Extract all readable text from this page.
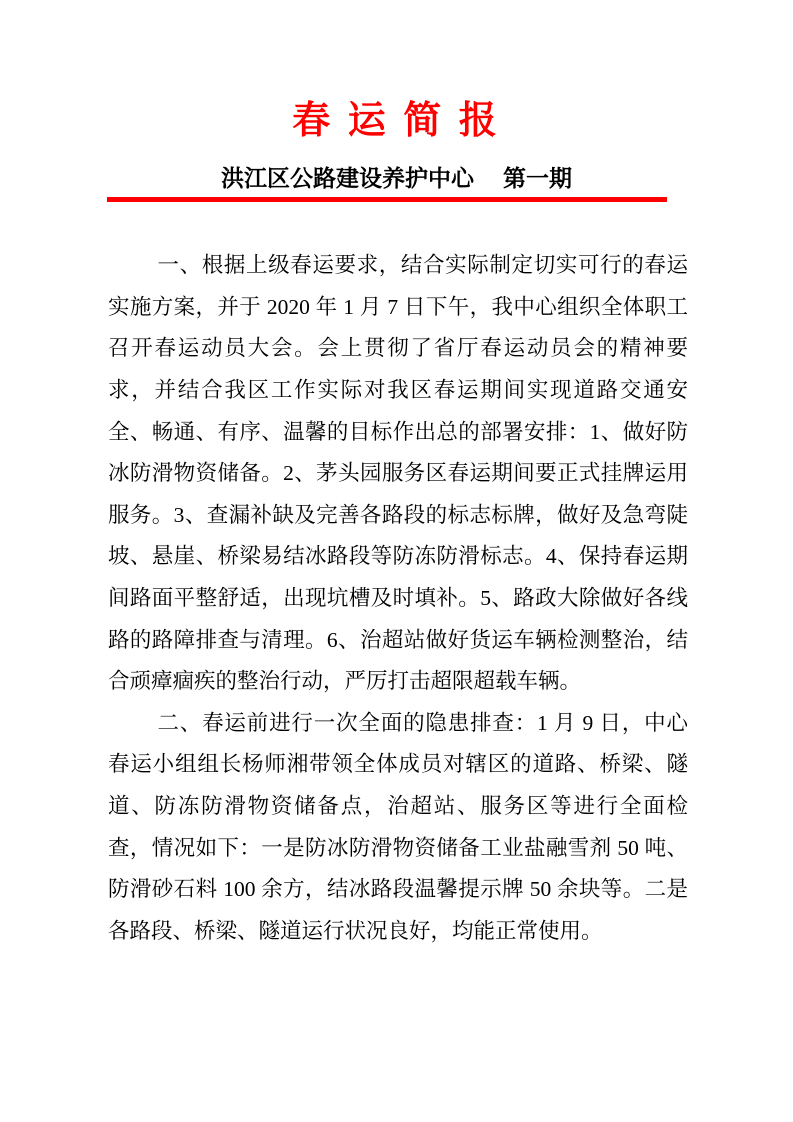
春 运 简 报
洪江区公路建设养护中心 第一期

一、根据上级春运要求，结合实际制定切实可行的春运实施方案，并于 2020 年 1 月 7 日下午，我中心组织全体职工召开春运动员大会。会上贯彻了省厅春运动员会的精神要求，并结合我区工作实际对我区春运期间实现道路交通安全、畅通、有序、温馨的目标作出总的部署安排：1、做好防冰防滑物资储备。2、茅头园服务区春运期间要正式挂牌运用服务。3、查漏补缺及完善各路段的标志标牌，做好及急弯陡坡、悬崖、桥梁易结冰路段等防冻防滑标志。4、保持春运期间路面平整舒适，出现坑槽及时填补。5、路政大除做好各线路的路障排查与清理。6、治超站做好货运车辆检测整治，结合顽瘴痼疾的整治行动，严厉打击超限超载车辆。

二、春运前进行一次全面的隐患排查：1 月 9 日，中心春运小组组长杨师湘带领全体成员对辖区的道路、桥梁、隧道、防冻防滑物资储备点，治超站、服务区等进行全面检查，情况如下：一是防冰防滑物资储备工业盐融雪剂 50 吨、防滑砂石料 100 余方，结冰路段温馨提示牌 50 余块等。二是各路段、桥梁、隧道运行状况良好，均能正常使用。
